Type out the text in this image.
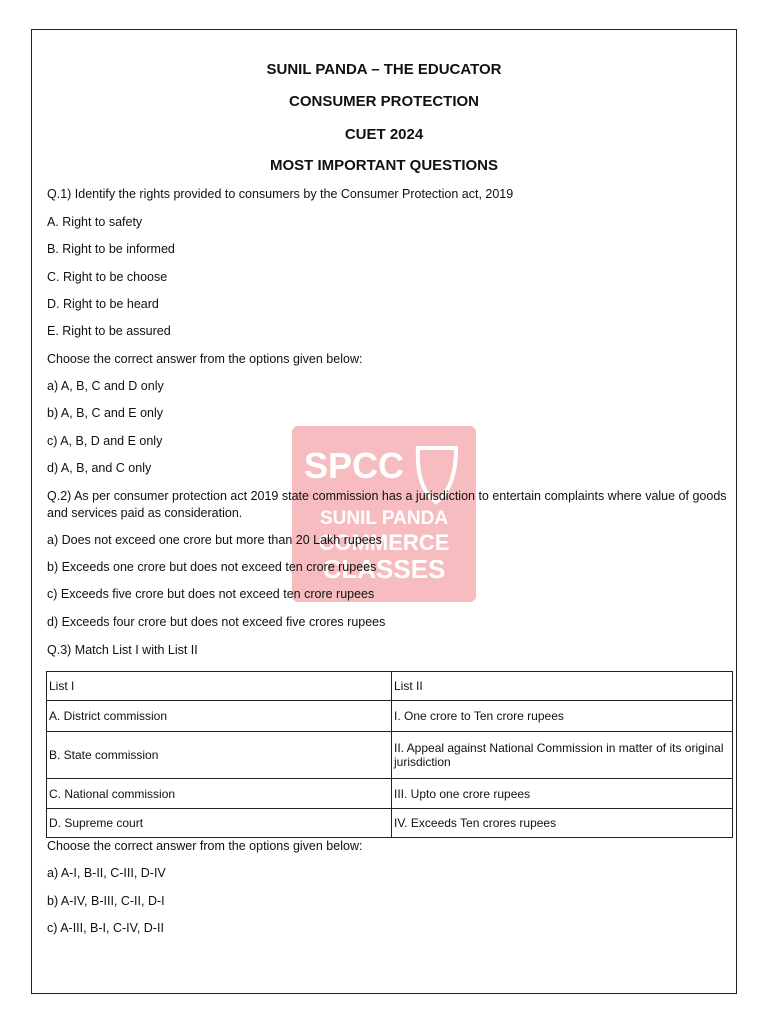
SPCC
SUNIL PANDA
COMMERCE
CLASSES
SUNIL PANDA – THE EDUCATOR
CONSUMER PROTECTION
CUET 2024
MOST IMPORTANT QUESTIONS
Q.1) Identify the rights provided to consumers by the Consumer Protection act, 2019
A. Right to safety
B. Right to be informed
C. Right to be choose
D. Right to be heard
E. Right to be assured
Choose the correct answer from the options given below:
a) A, B, C and D only
b) A, B, C and E only
c) A, B, D and E only
d) A, B, and C only
Q.2) As per consumer protection act 2019 state commission has a jurisdiction to entertain complaints where value of goods and services paid as consideration.
a) Does not exceed one crore but more than 20 Lakh rupees
b) Exceeds one crore but does not exceed ten crore rupees
c) Exceeds five crore but does not exceed ten crore rupees
d) Exceeds four crore but does not exceed five crores rupees
Q.3) Match List I with List II
List I	List II
A. District commission	I. One crore to Ten crore rupees
B. State commission	II. Appeal against National Commission in matter of its original jurisdiction
C. National commission	III. Upto one crore rupees
D. Supreme court	IV. Exceeds Ten crores rupees
Choose the correct answer from the options given below:
a) A-I, B-II, C-III, D-IV
b) A-IV, B-III, C-II, D-I
c) A-III, B-I, C-IV, D-II
